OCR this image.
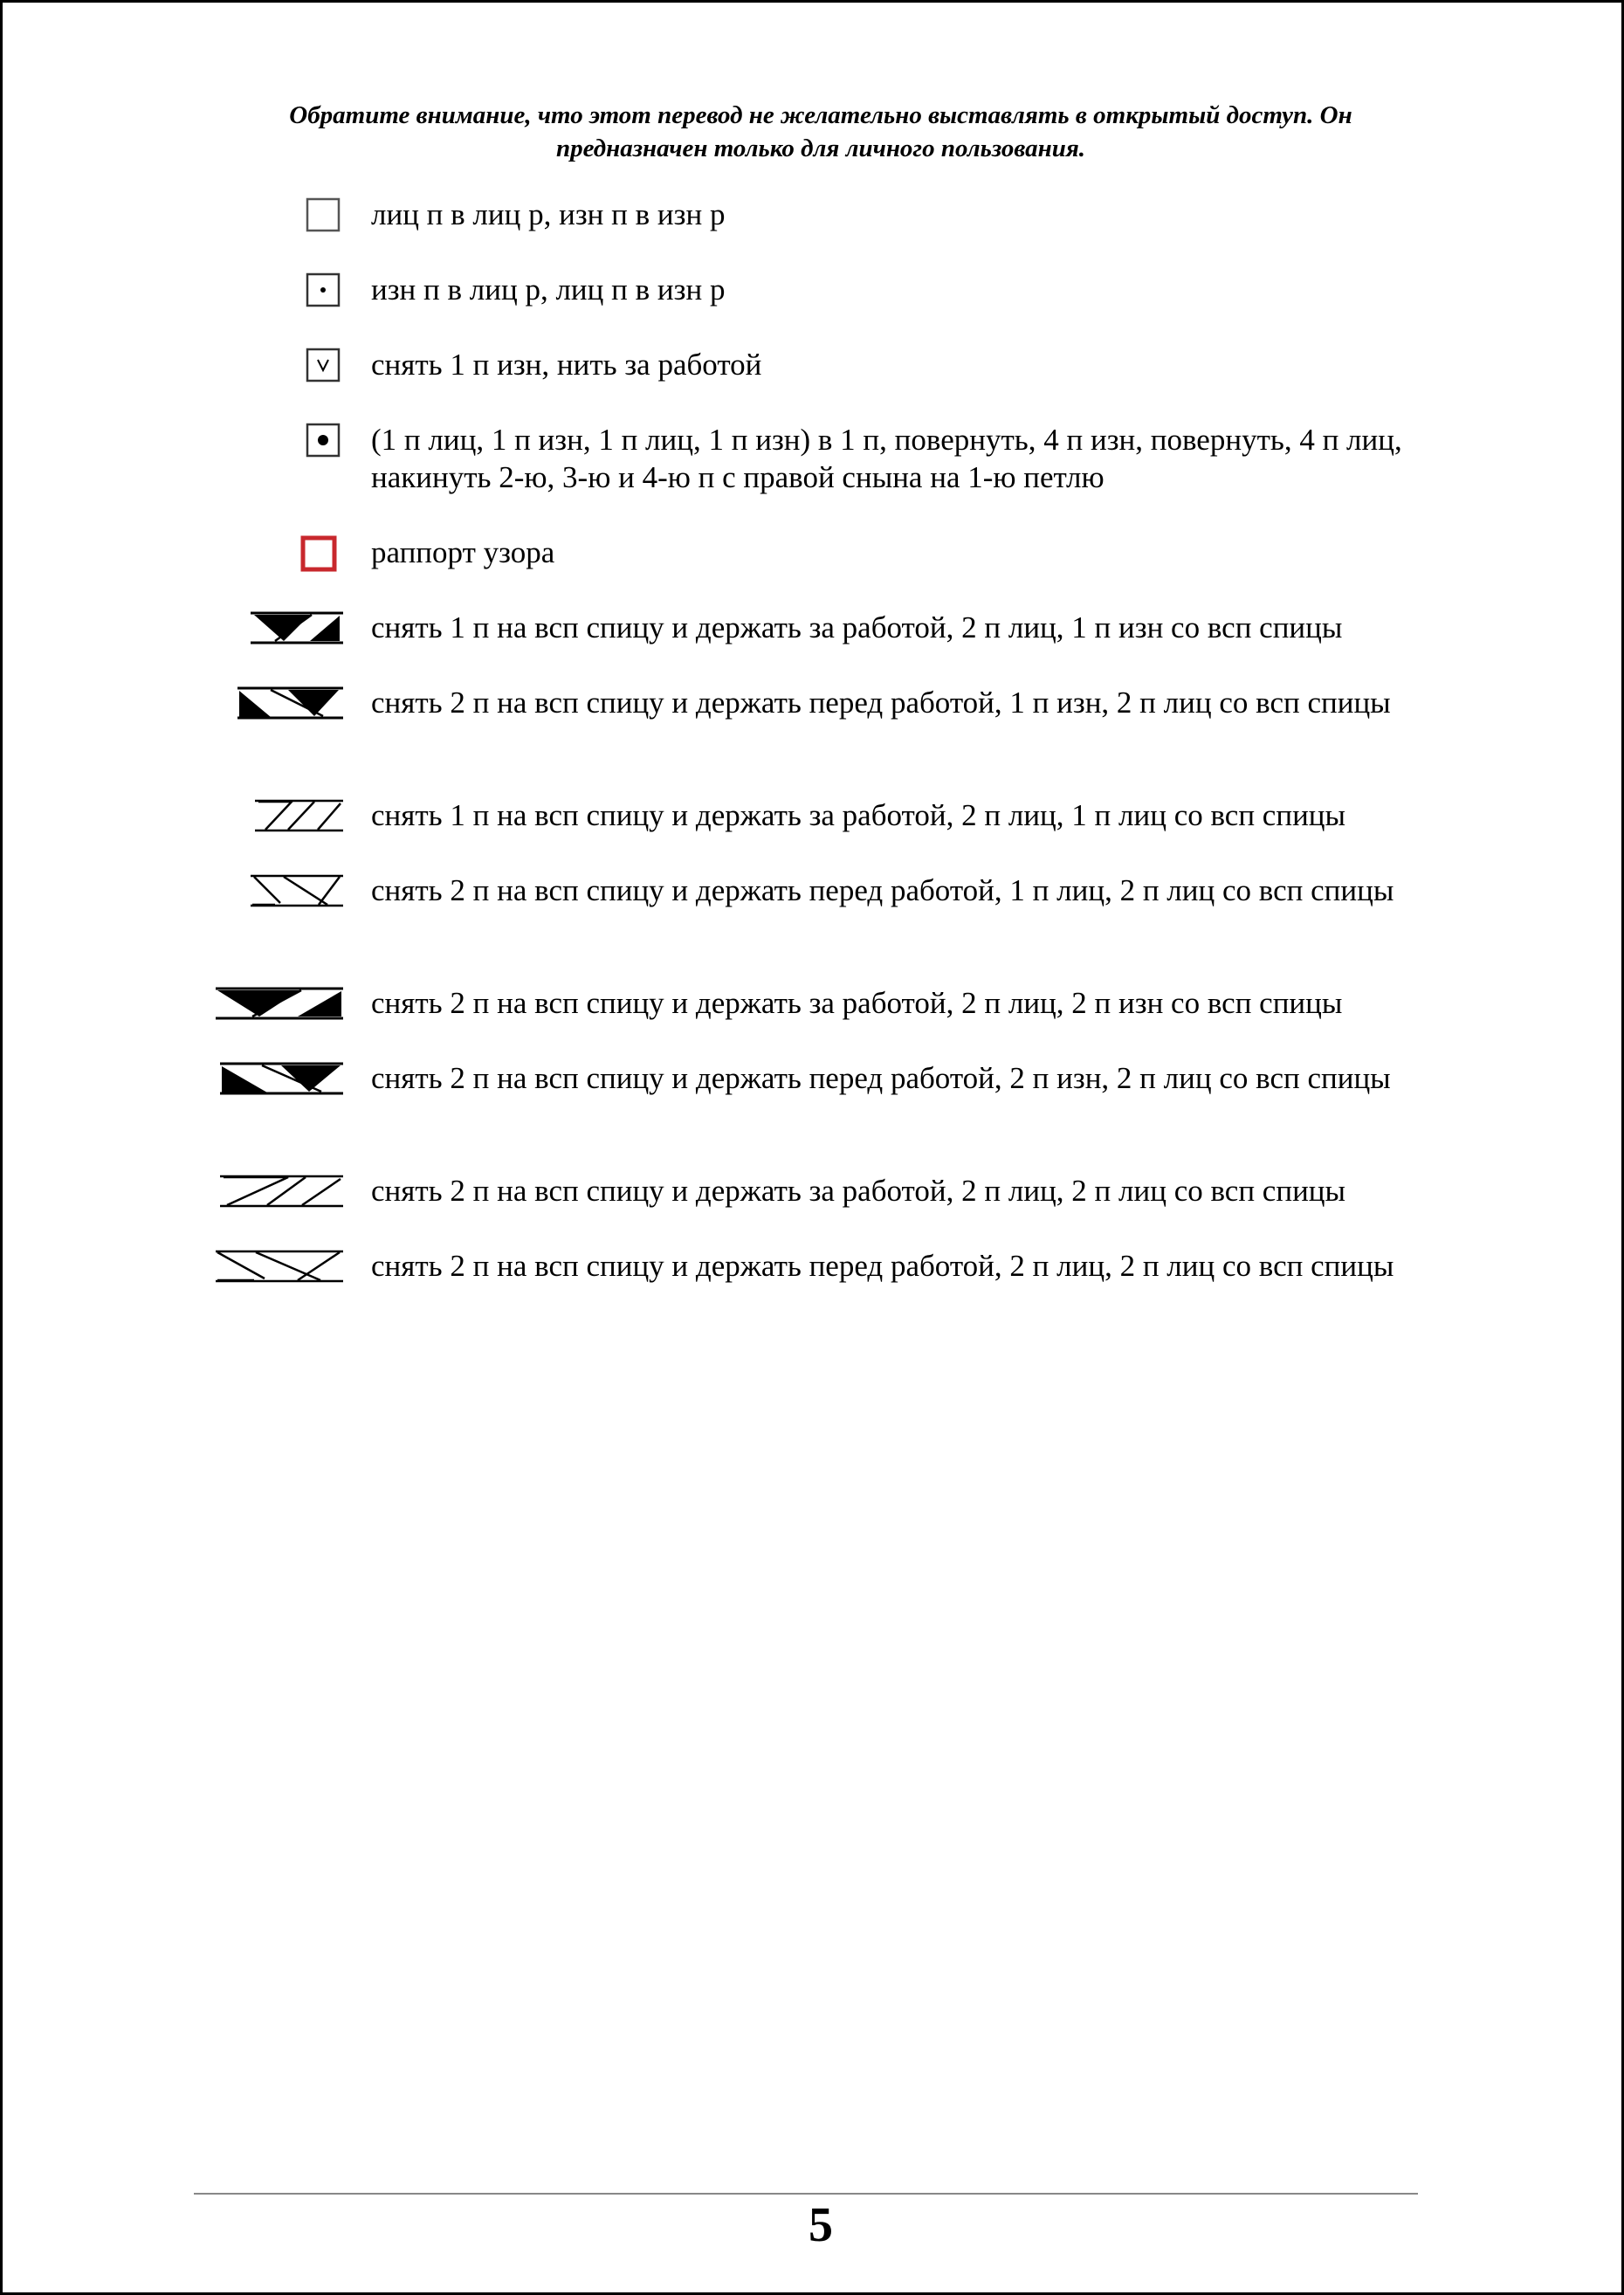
Обратите внимание, что этот перевод не желательно выставлять в открытый доступ. Он
предназначен только для личного пользования.
лиц п в лиц р, изн п в изн р
изн п в лиц р, лиц п в изн р
снять 1 п изн, нить за работой
(1 п лиц, 1 п изн, 1 п лиц, 1 п изн) в 1 п, повернуть, 4 п изн, повернуть, 4 п лиц, накинуть 2-ю, 3-ю и 4-ю п с правой снына на 1-ю петлю
раппорт узора
снять 1 п на всп спицу и держать за работой, 2 п лиц, 1 п изн со всп спицы
снять 2 п на всп спицу и держать перед работой, 1 п изн, 2 п лиц со всп спицы
снять 1 п на всп спицу и держать за работой, 2 п лиц, 1 п лиц со всп спицы
снять 2 п на всп спицу и держать перед работой, 1 п лиц, 2 п лиц со всп спицы
снять 2 п на всп спицу и держать за работой, 2 п лиц, 2 п изн со всп спицы
снять 2 п на всп спицу и держать перед работой, 2 п изн, 2 п лиц со всп спицы
снять 2 п на всп спицу и держать за работой, 2 п лиц, 2 п лиц со всп спицы
снять 2 п на всп спицу и держать перед работой, 2 п лиц, 2 п лиц со всп спицы
5
